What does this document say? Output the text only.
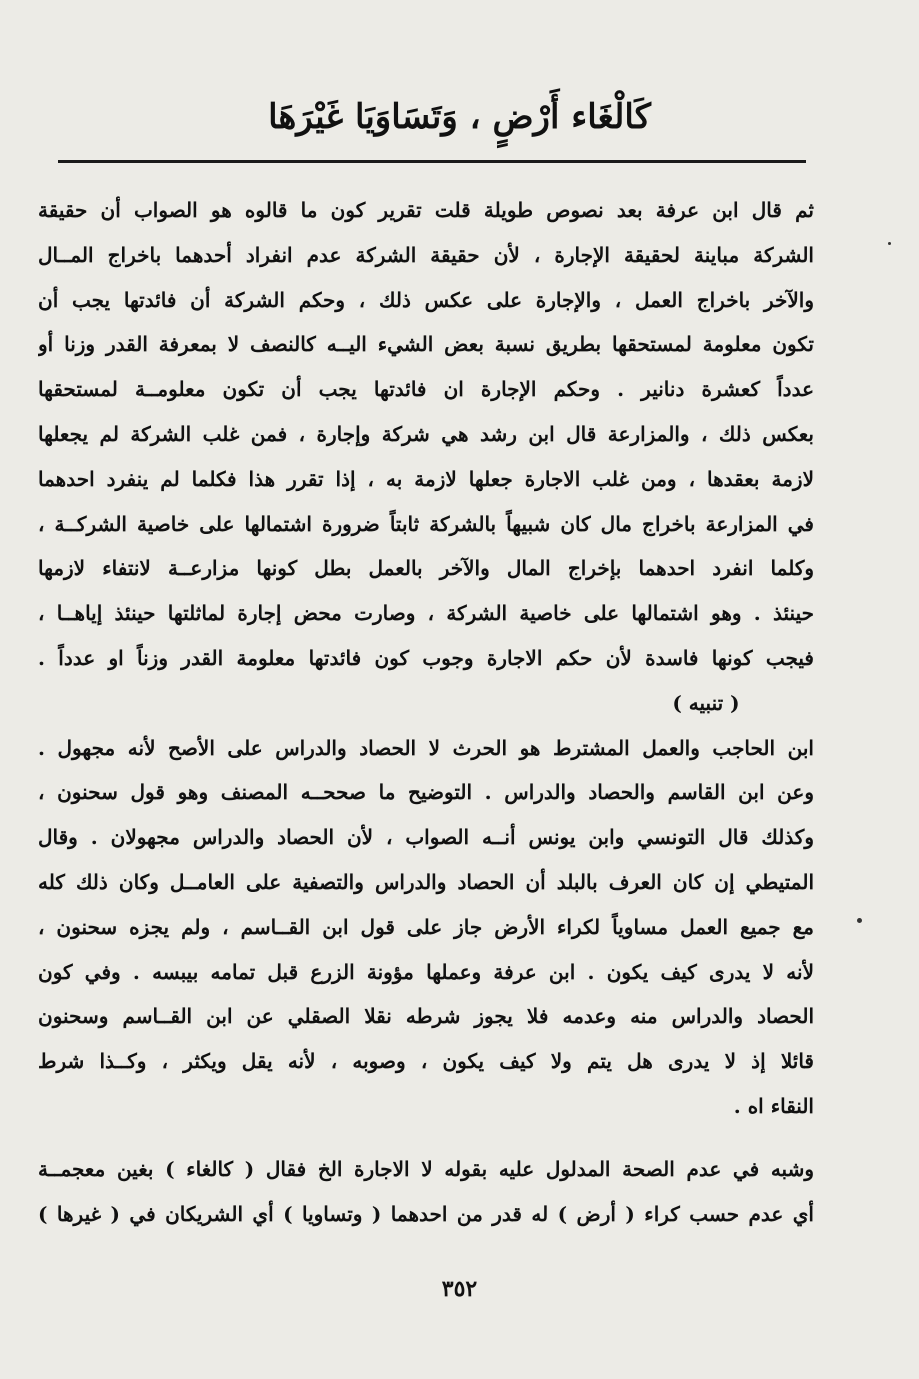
كَالْغَاء أَرْضٍ ، وَتَسَاوَيَا غَيْرَهَا
ثم قال ابن عرفة بعد نصوص طويلة قلت تقرير كون ما قالوه هو الصواب أن حقيقة
الشركة مباينة لحقيقة الإجارة ، لأن حقيقة الشركة عدم انفراد أحدهما باخراج المــال
والآخر باخراج العمل ، والإجارة على عكس ذلك ، وحكم الشركة أن فائدتها يجب أن
تكون معلومة لمستحقها بطريق نسبة بعض الشيء اليــه كالنصف لا بمعرفة القدر وزنا أو
عدداً كعشرة دنانير . وحكم الإجارة ان فائدتها يجب أن تكون معلومــة لمستحقها
بعكس ذلك ، والمزارعة قال ابن رشد هي شركة وإجارة ، فمن غلب الشركة لم يجعلها
لازمة بعقدها ، ومن غلب الاجارة جعلها لازمة به ، إذا تقرر هذا فكلما لم ينفرد احدهما
في المزارعة باخراج مال كان شبيهاً بالشركة ثابتاً ضرورة اشتمالها على خاصية الشركــة ،
وكلما انفرد احدهما بإخراج المال والآخر بالعمل بطل كونها مزارعــة لانتفاء لازمها
حينئذ . وهو اشتمالها على خاصية الشركة ، وصارت محض إجارة لماثلتها حينئذ إياهــا ،
فيجب كونها فاسدة لأن حكم الاجارة وجوب كون فائدتها معلومة القدر وزناً او عدداً .
( تنبيه )
ابن الحاجب والعمل المشترط هو الحرث لا الحصاد والدراس على الأصح لأنه مجهول .
وعن ابن القاسم والحصاد والدراس . التوضيح ما صححــه المصنف وهو قول سحنون ،
وكذلك قال التونسي وابن يونس أنــه الصواب ، لأن الحصاد والدراس مجهولان . وقال
المتيطي إن كان العرف بالبلد أن الحصاد والدراس والتصفية على العامــل وكان ذلك كله
مع جميع العمل مساوياً لكراء الأرض جاز على قول ابن القــاسم ، ولم يجزه سحنون ،
لأنه لا يدرى كيف يكون . ابن عرفة وعملها مؤونة الزرع قبل تمامه بيبسه . وفي كون
الحصاد والدراس منه وعدمه فلا يجوز شرطه نقلا الصقلي عن ابن القــاسم وسحنون
قائلا إذ لا يدرى هل يتم ولا كيف يكون ، وصوبه ، لأنه يقل ويكثر ، وكــذا شرط
النقاء اه .
وشبه في عدم الصحة المدلول عليه بقوله لا الاجارة الخ فقال ( كالغاء ) بغين معجمــة
أي عدم حسب كراء ( أرض ) له قدر من احدهما ( وتساويا ) أي الشريكان في ( غيرها )
٣٥٢
